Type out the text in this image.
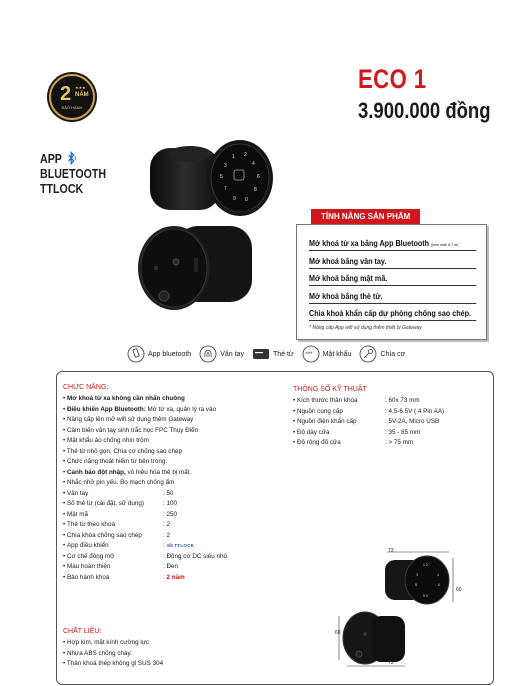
2 ★★★
NĂM
BẢO HÀNH
APP
BLUETOOTH
TTLOCK
ECO 1
3.900.000 đồng
1 2
3	4
5	6
7	8
9 0
TÍNH NĂNG SẢN PHẨM
Mở khoá từ xa bằng App Bluetooth (kèm màn 5-7 m)
Mở khoá bằng vân tay.
Mở khoá bằng mật mã.
Mở khoá bằng thẻ từ.
Chìa khoá khẩn cấp dự phòng chống sao chép.
* Nâng cấp App wifi sử dụng thêm thiết bị Gateway
App bluetooth	Vân tay	Thẻ từ *** Mật khẩu	Chìa cơ
CHỨC NĂNG:
• Mở khoá từ xa không cần nhấn chuông
• Điều khiển App Bluetooth: Mở từ xa, quản lý ra vào
• Nâng cấp lên mở wifi sử dụng thêm Gateway
• Cảm biến vân tay sinh trắc học FPC Thụy Điển
• Mật khẩu ảo chống nhìn trộm
• Thẻ từ nhỏ gọn, Chìa cơ chống sao chép
• Chức năng thoát hiểm từ bên trong.
• Cảnh báo đột nhập, vô hiệu hóa thẻ bị mất.
• Nhắc nhở pin yếu. Bo mạch chống ẩm
• Vân tay	: 50
• Số thẻ từ (cài đặt, sử dụng)	: 100
• Mật mã	: 250
• Thẻ từ theo khoá	: 2
• Chìa khóa chống sao chép	: 2
• App điều khiển	:  TTLOCK
• Cơ chế đóng mở	: Động cơ DC siêu nhỏ
• Màu hoàn thiện	: Đen
• Bảo hành khoá	: 2 năm
CHẤT LIỆU:
• Hợp kim, mặt kính cường lực
• Nhựa ABS chống cháy.
• Thân khoá thép không gỉ SUS 304
THÔNG SỐ KỸ THUẬT
• Kích thước thân khóa	: 60x 73 mm
• Nguồn cung cấp	: 4.5-6.5V ( 4 Pin AA)
• Nguồn điện khẩn cấp	: 5V-2A, Micro USB
• Độ dày cửa	: 35 - 85 mm
• Độ rộng đố cửa	: > 75 mm
1 2
3	4
5	6
9 0
73
60
60
73
